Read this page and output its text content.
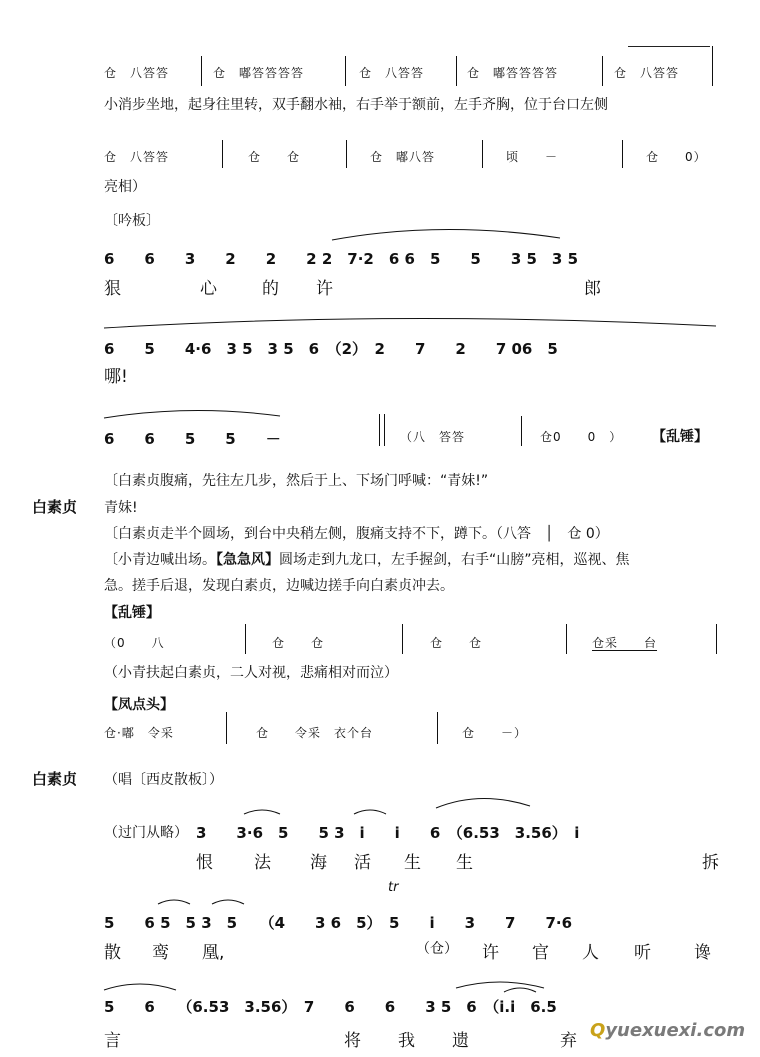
仓　八答答	仓　嘟答答答答	仓　八答答	仓　嘟答答答答	仓　八答答
小消步坐地，起身往里转，双手翻水袖，右手举于额前，左手齐胸，位于台口左侧
仓　八答答	仓　　仓	仓　嘟八答	顷　　－	仓　　0）
亮相）
〔吟板〕
6　　6　　3　　2　　2　　2 2　7·2　6 6　5　　5　　3 5　3 5
狠	心	的 许	郎
6　　5　　4·6　3 5　3 5　6　（2）　2　　7　　2　　7 06　5
哪!
6　　6　　5　　5　　－	（八　答答	仓0　　0　） 【乱锤】
〔白素贞腹痛，先往左几步，然后于上、下场门呼喊：“青妹!”
白素贞 青妹!
〔白素贞走半个圆场，到台中央稍左侧，腹痛支持不下，蹲下。（八答　│　仓 0）
〔小青边喊出场。【急急风】圆场走到九龙口，左手握剑，右手“山膀”亮相，巡视、焦
急。搓手后退，发现白素贞，边喊边搓手向白素贞冲去。
【乱锤】
（0　　八	仓　　仓	仓　　仓	仓采　　台
（小青扶起白素贞，二人对视，悲痛相对而泣）
【凤点头】
仓·嘟　令采	仓　　令采　衣个台	仓　　－）
白素贞 （唱〔西皮散板〕）
（过门从略） 3　　3·6　5　　5 3　i　　i　　6　（6.53　3.56）　i
恨 法 海 活 生 生	拆
tr
5　　6 5　5 3　5　　（4　　3 6　5）　5　　i　　3　　7　　7·6
散 鸾 凰,	（仓） 许 官 人 听	谗
5　　6　　（6.53　3.56）　7　　6　　6　　3 5　6　（i.i　6.5
言	将 我 遗	弃 Qyuexuexi.com
